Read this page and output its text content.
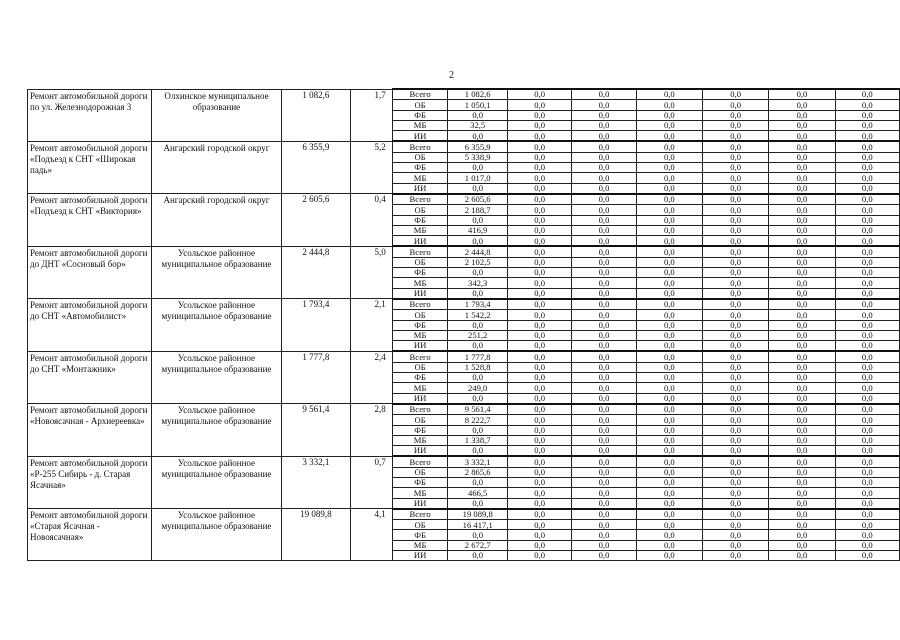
2
Ремонт автомобильной дороги по ул. Железнодорожная 3	Олхинское муниципальное образование	1 082,6	1,7	Всего	1 082,6	0,0	0,0	0,0	0,0	0,0	0,0
				ОБ	1 050,1	0,0	0,0	0,0	0,0	0,0	0,0
				ФБ	0,0	0,0	0,0	0,0	0,0	0,0	0,0
				МБ	32,5	0,0	0,0	0,0	0,0	0,0	0,0
				ИИ	0,0	0,0	0,0	0,0	0,0	0,0	0,0
Ремонт автомобильной дороги «Подъезд к СНТ «Широкая падь»	Ангарский городской округ	6 355,9	5,2	Всего	6 355,9	0,0	0,0	0,0	0,0	0,0	0,0
				ОБ	5 338,9	0,0	0,0	0,0	0,0	0,0	0,0
				ФБ	0,0	0,0	0,0	0,0	0,0	0,0	0,0
				МБ	1 017,0	0,0	0,0	0,0	0,0	0,0	0,0
				ИИ	0,0	0,0	0,0	0,0	0,0	0,0	0,0
Ремонт автомобильной дороги «Подъезд к СНТ «Виктория»	Ангарский городской округ	2 605,6	0,4	Всего	2 605,6	0,0	0,0	0,0	0,0	0,0	0,0
				ОБ	2 188,7	0,0	0,0	0,0	0,0	0,0	0,0
				ФБ	0,0	0,0	0,0	0,0	0,0	0,0	0,0
				МБ	416,9	0,0	0,0	0,0	0,0	0,0	0,0
				ИИ	0,0	0,0	0,0	0,0	0,0	0,0	0,0
Ремонт автомобильной дороги до ДНТ «Сосновый бор»	Усольское районное муниципальное образование	2 444,8	5,0	Всего	2 444,8	0,0	0,0	0,0	0,0	0,0	0,0
				ОБ	2 102,5	0,0	0,0	0,0	0,0	0,0	0,0
				ФБ	0,0	0,0	0,0	0,0	0,0	0,0	0,0
				МБ	342,3	0,0	0,0	0,0	0,0	0,0	0,0
				ИИ	0,0	0,0	0,0	0,0	0,0	0,0	0,0
Ремонт автомобильной дороги до СНТ «Автомобилист»	Усольское районное муниципальное образование	1 793,4	2,1	Всего	1 793,4	0,0	0,0	0,0	0,0	0,0	0,0
				ОБ	1 542,2	0,0	0,0	0,0	0,0	0,0	0,0
				ФБ	0,0	0,0	0,0	0,0	0,0	0,0	0,0
				МБ	251,2	0,0	0,0	0,0	0,0	0,0	0,0
				ИИ	0,0	0,0	0,0	0,0	0,0	0,0	0,0
Ремонт автомобильной дороги до СНТ «Монтажник»	Усольское районное муниципальное образование	1 777,8	2,4	Всего	1 777,8	0,0	0,0	0,0	0,0	0,0	0,0
				ОБ	1 528,8	0,0	0,0	0,0	0,0	0,0	0,0
				ФБ	0,0	0,0	0,0	0,0	0,0	0,0	0,0
				МБ	249,0	0,0	0,0	0,0	0,0	0,0	0,0
				ИИ	0,0	0,0	0,0	0,0	0,0	0,0	0,0
Ремонт автомобильной дороги «Новоясачная - Архиереевка»	Усольское районное муниципальное образование	9 561,4	2,8	Всего	9 561,4	0,0	0,0	0,0	0,0	0,0	0,0
				ОБ	8 222,7	0,0	0,0	0,0	0,0	0,0	0,0
				ФБ	0,0	0,0	0,0	0,0	0,0	0,0	0,0
				МБ	1 338,7	0,0	0,0	0,0	0,0	0,0	0,0
				ИИ	0,0	0,0	0,0	0,0	0,0	0,0	0,0
Ремонт автомобильной дороги «Р-255 Сибирь - д. Старая Ясачная»	Усольское районное муниципальное образование	3 332,1	0,7	Всего	3 332,1	0,0	0,0	0,0	0,0	0,0	0,0
				ОБ	2 865,6	0,0	0,0	0,0	0,0	0,0	0,0
				ФБ	0,0	0,0	0,0	0,0	0,0	0,0	0,0
				МБ	466,5	0,0	0,0	0,0	0,0	0,0	0,0
				ИИ	0,0	0,0	0,0	0,0	0,0	0,0	0,0
Ремонт автомобильной дороги «Старая Ясачная - Новоясачная»	Усольское районное муниципальное образование	19 089,8	4,1	Всего	19 089,8	0,0	0,0	0,0	0,0	0,0	0,0
				ОБ	16 417,1	0,0	0,0	0,0	0,0	0,0	0,0
				ФБ	0,0	0,0	0,0	0,0	0,0	0,0	0,0
				МБ	2 672,7	0,0	0,0	0,0	0,0	0,0	0,0
				ИИ	0,0	0,0	0,0	0,0	0,0	0,0	0,0
